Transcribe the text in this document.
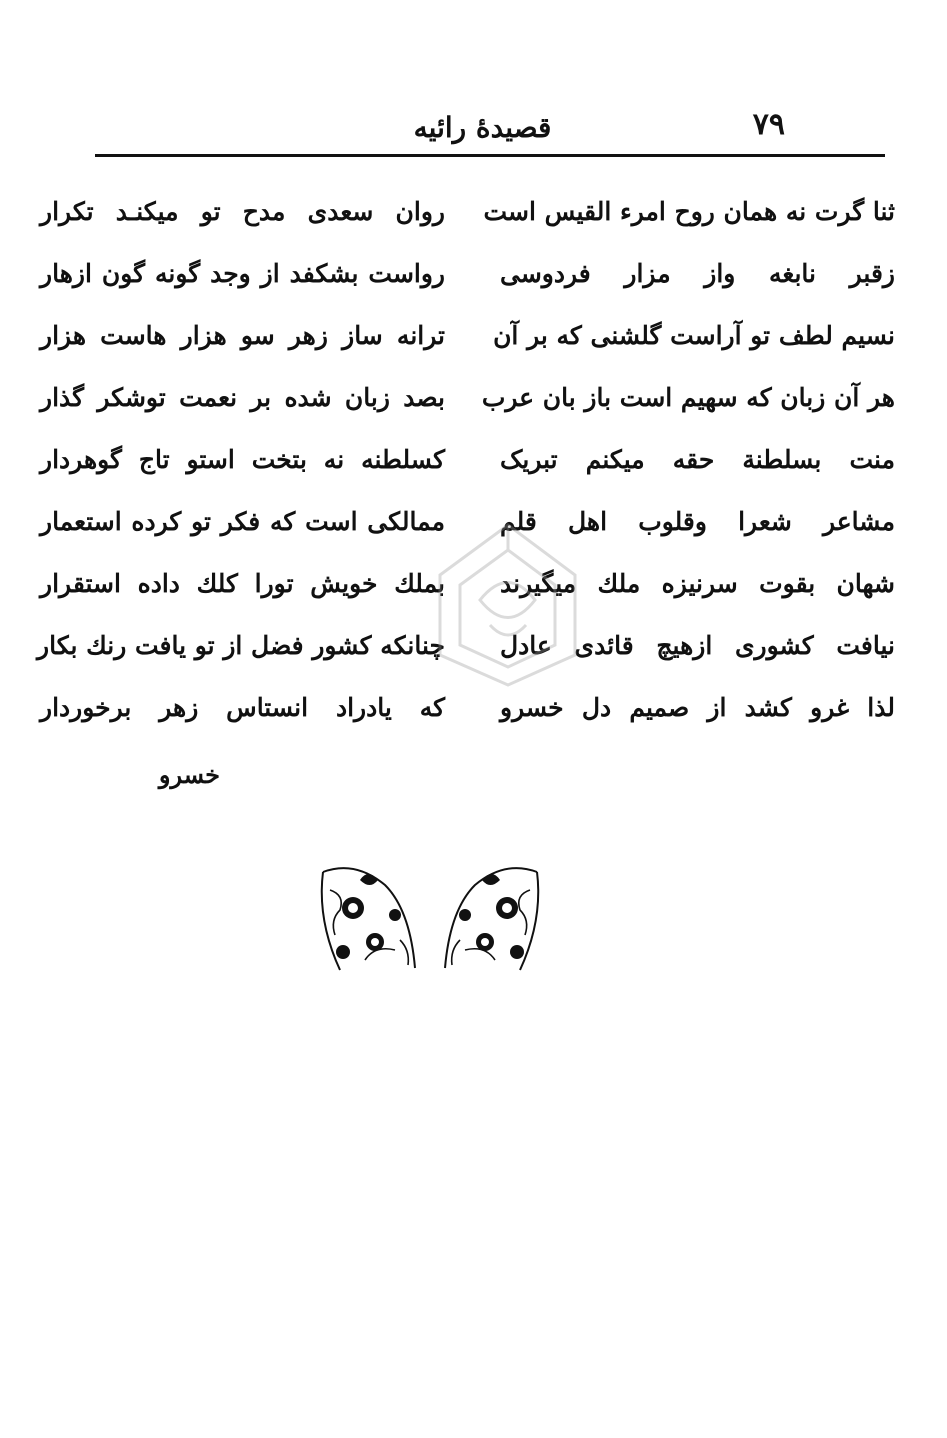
قصيدهٔ رائيه	۷۹
ثنا گرت نه همان روح امرء القيس است
روان سعدی مدح تو میکنـد تکرار
زقبر نابغه واز مزار فردوسی
رواست بشکفد از وجد گونه گون ازهار
نسیم لطف تو آراست گلشنی که بر آن
ترانه ساز زهر سو هزار هاست هزار
هر آن زبان که سهیم است باز بان عرب
بصد زبان شده بر نعمت توشکر گذار
منت بسلطنة حقه میکنم تبریک
کسلطنه نه بتخت استو تاج گوهردار
مشاعر شعرا وقلوب اهل قلم
ممالکی است که فکر تو کرده استعمار
شهان بقوت سرنیزه ملك میگیرند
بملك خویش تورا کلك داده استقرار
نیافت کشوری ازهیچ قائدی عادل
چنانکه کشور فضل از تو یافت رنك بکار
لذا غرو کشد از صمیم دل خسرو
که یادراد انستاس زهر برخوردار
خسرو
